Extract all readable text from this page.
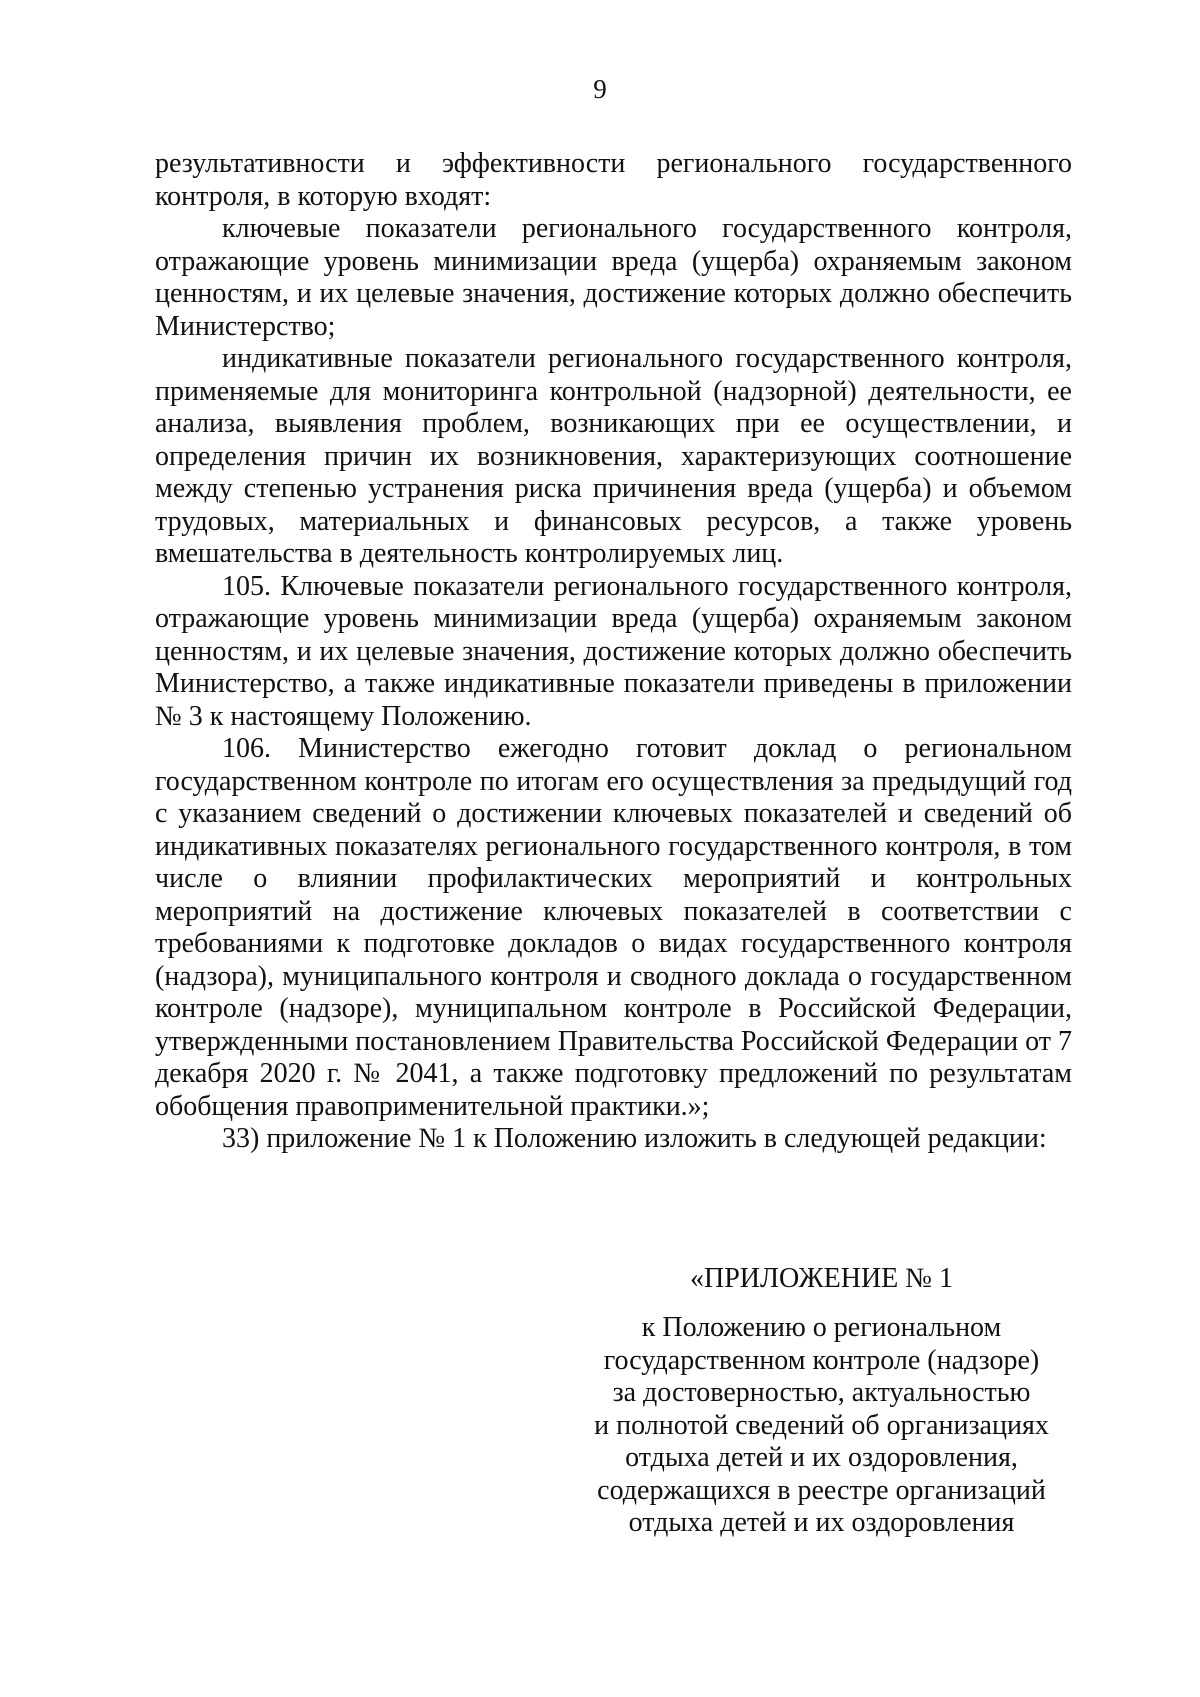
9

результативности и эффективности регионального государственного контроля, в которую входят:

ключевые показатели регионального государственного контроля, отражающие уровень минимизации вреда (ущерба) охраняемым законом ценностям, и их целевые значения, достижение которых должно обеспечить Министерство;

индикативные показатели регионального государственного контроля, применяемые для мониторинга контрольной (надзорной) деятельности, ее анализа, выявления проблем, возникающих при ее осуществлении, и определения причин их возникновения, характеризующих соотношение между степенью устранения риска причинения вреда (ущерба) и объемом трудовых, материальных и финансовых ресурсов, а также уровень вмешательства в деятельность контролируемых лиц.

105. Ключевые показатели регионального государственного контроля, отражающие уровень минимизации вреда (ущерба) охраняемым законом ценностям, и их целевые значения, достижение которых должно обеспечить Министерство, а также индикативные показатели приведены в приложении № 3 к настоящему Положению.

106. Министерство ежегодно готовит доклад о региональном государственном контроле по итогам его осуществления за предыдущий год с указанием сведений о достижении ключевых показателей и сведений об индикативных показателях регионального государственного контроля, в том числе о влиянии профилактических мероприятий и контрольных мероприятий на достижение ключевых показателей в соответствии с требованиями к подготовке докладов о видах государственного контроля (надзора), муниципального контроля и сводного доклада о государственном контроле (надзоре), муниципальном контроле в Российской Федерации, утвержденными постановлением Правительства Российской Федерации от 7 декабря 2020 г. № 2041, а также подготовку предложений по результатам обобщения правоприменительной практики.»;

33) приложение № 1 к Положению изложить в следующей редакции:

«ПРИЛОЖЕНИЕ № 1
к Положению о региональном
государственном контроле (надзоре)
за достоверностью, актуальностью
и полнотой сведений об организациях
отдыха детей и их оздоровления,
содержащихся в реестре организаций
отдыха детей и их оздоровления
